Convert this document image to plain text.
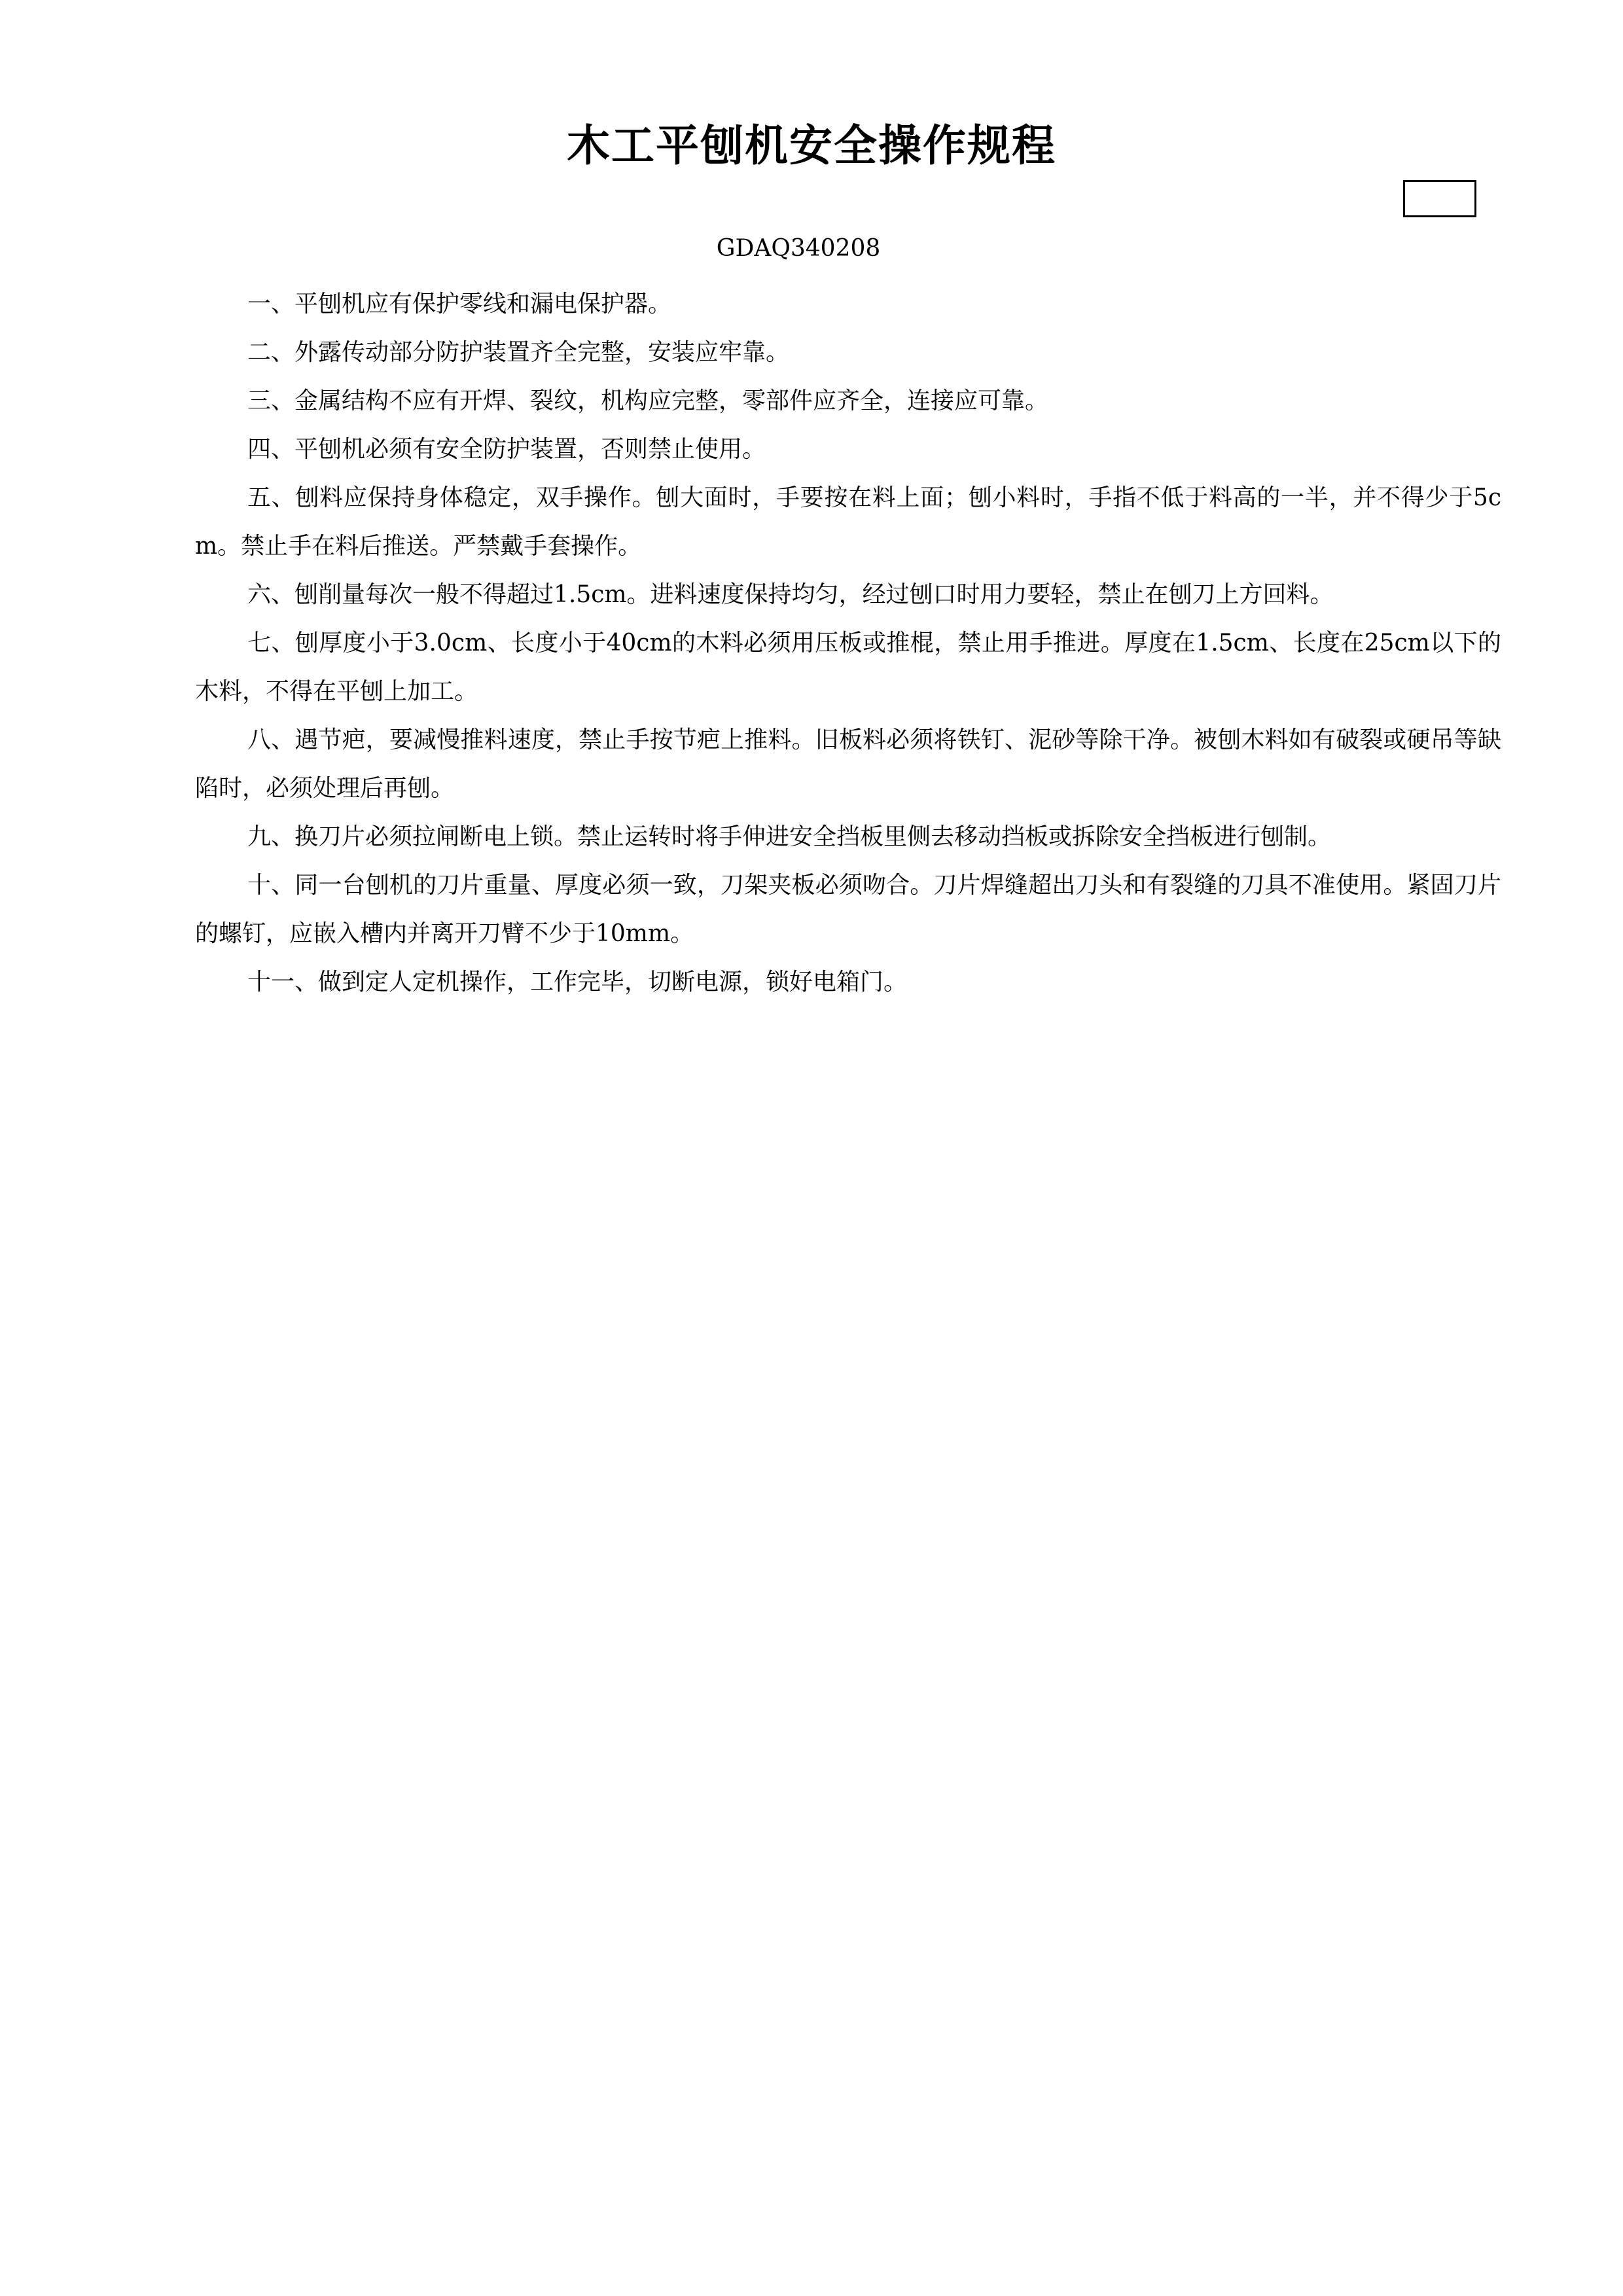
木工平刨机安全操作规程
GDAQ340208

一、平刨机应有保护零线和漏电保护器。

二、外露传动部分防护装置齐全完整，安装应牢靠。

三、金属结构不应有开焊、裂纹，机构应完整，零部件应齐全，连接应可靠。

四、平刨机必须有安全防护装置，否则禁止使用。

五、刨料应保持身体稳定，双手操作。刨大面时，手要按在料上面；刨小料时，手指不低于料高的一半，并不得少于5cm。禁止手在料后推送。严禁戴手套操作。

六、刨削量每次一般不得超过1.5cm。进料速度保持均匀，经过刨口时用力要轻，禁止在刨刀上方回料。

七、刨厚度小于3.0cm、长度小于40cm的木料必须用压板或推棍，禁止用手推进。厚度在1.5cm、长度在25cm以下的木料，不得在平刨上加工。

八、遇节疤，要减慢推料速度，禁止手按节疤上推料。旧板料必须将铁钉、泥砂等除干净。被刨木料如有破裂或硬吊等缺陷时，必须处理后再刨。

九、换刀片必须拉闸断电上锁。禁止运转时将手伸进安全挡板里侧去移动挡板或拆除安全挡板进行刨制。

十、同一台刨机的刀片重量、厚度必须一致，刀架夹板必须吻合。刀片焊缝超出刀头和有裂缝的刀具不准使用。紧固刀片的螺钉，应嵌入槽内并离开刀臂不少于10mm。

十一、做到定人定机操作，工作完毕，切断电源，锁好电箱门。
